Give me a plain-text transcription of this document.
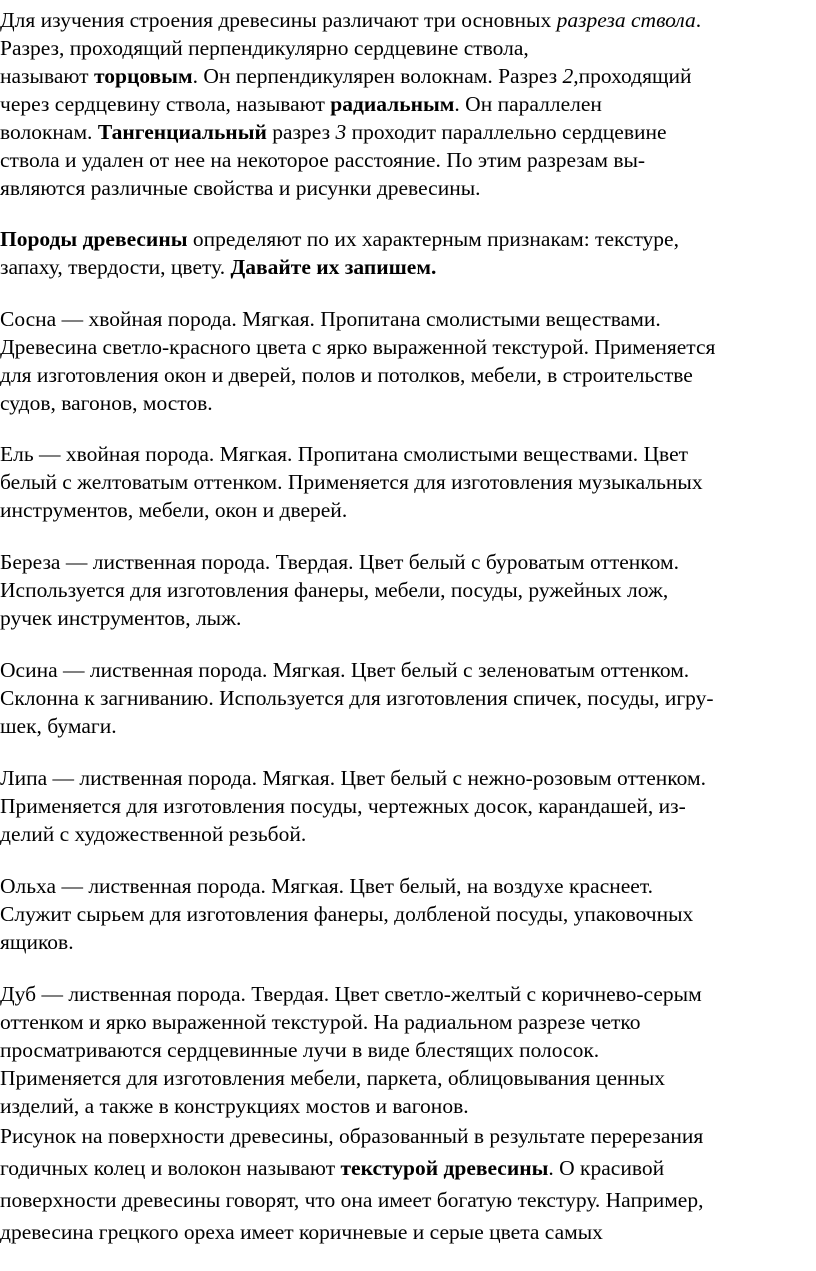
Для изучения строения древесины различают три основных разреза ствола.
Разрез, проходящий перпендикулярно сердцевине ствола,
называют торцовым. Он перпендикулярен волокнам. Разрез 2,проходящий
через сердцевину ствола, называют радиальным. Он параллелен
волокнам. Тангенциальный разрез 3 проходит параллельно сердцевине
ствола и удален от нее на некоторое расстояние. По этим разрезам вы-
являются различные свойства и рисунки древесины.
Породы древесины определяют по их характерным признакам: текстуре,
запаху, твердости, цвету. Давайте их запишем.
Сосна — хвойная порода. Мягкая. Пропитана смолистыми веществами.
Древесина светло-красного цвета с ярко выраженной текстурой. Применяется
для изготовления окон и дверей, полов и потолков, мебели, в строительстве
судов, вагонов, мостов.
Ель — хвойная порода. Мягкая. Пропитана смолистыми веществами. Цвет
белый с желтоватым оттенком. Применяется для изготовления музыкальных
инструментов, мебели, окон и дверей.
Береза — лиственная порода. Твердая. Цвет белый с буроватым оттенком.
Используется для изготовления фанеры, мебели, посуды, ружейных лож,
ручек инструментов, лыж.
Осина — лиственная порода. Мягкая. Цвет белый с зеленоватым оттенком.
Склонна к загниванию. Используется для изготовления спичек, посуды, игру-
шек, бумаги.
Липа — лиственная порода. Мягкая. Цвет белый с нежно-розовым оттенком.
Применяется для изготовления посуды, чертежных досок, карандашей, из-
делий с художественной резьбой.
Ольха — лиственная порода. Мягкая. Цвет белый, на воздухе краснеет.
Служит сырьем для изготовления фанеры, долбленой посуды, упаковочных
ящиков.
Дуб — лиственная порода. Твердая. Цвет светло-желтый с коричнево-серым
оттенком и ярко выраженной текстурой. На радиальном разрезе четко
просматриваются сердцевинные лучи в виде блестящих полосок.
Применяется для изготовления мебели, паркета, облицовывания ценных
изделий, а также в конструкциях мостов и вагонов.
Рисунок на поверхности древесины, образованный в результате перерезания
годичных колец и волокон называют текстурой древесины. О красивой
поверхности древесины говорят, что она имеет богатую текстуру. Например,
древесина грецкого ореха имеет коричневые и серые цвета самых
